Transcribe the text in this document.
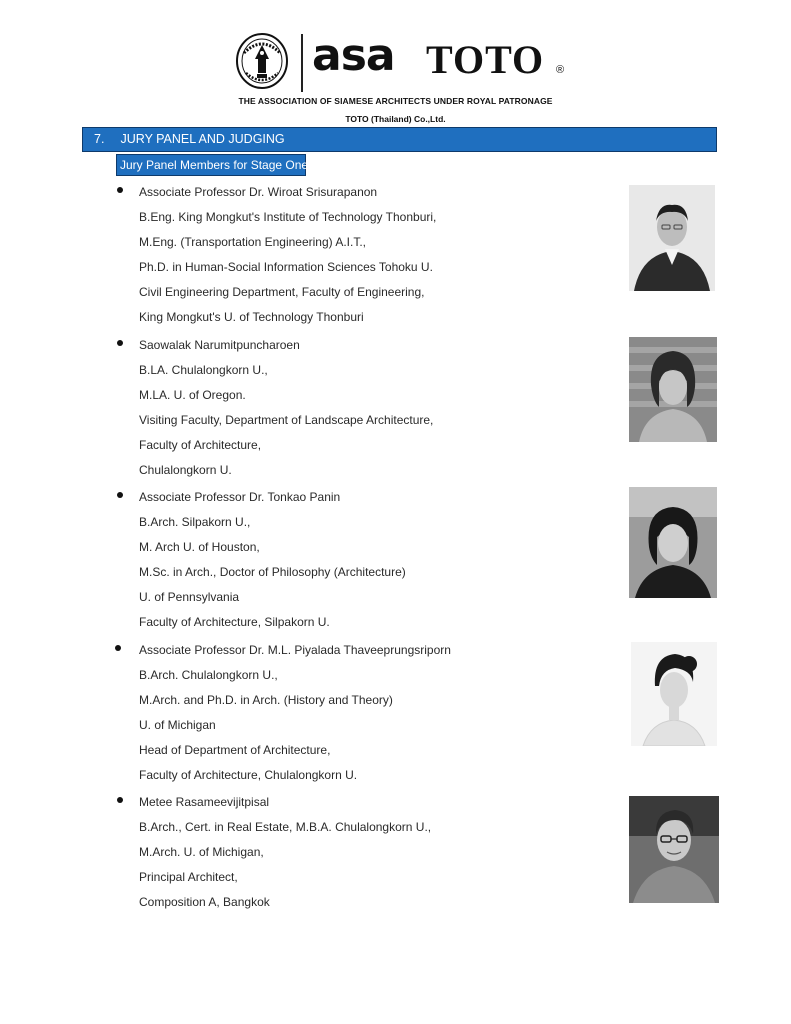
asa TOTO ®
THE ASSOCIATION OF SIAMESE ARCHITECTS UNDER ROYAL PATRONAGE
TOTO (Thailand) Co.,Ltd.
7. JURY PANEL AND JUDGING
Jury Panel Members for Stage One
Associate Professor Dr. Wiroat Srisurapanon
B.Eng. King Mongkut's Institute of Technology Thonburi,
M.Eng. (Transportation Engineering) A.I.T.,
Ph.D. in Human-Social Information Sciences Tohoku U.
Civil Engineering Department, Faculty of Engineering,
King Mongkut's U. of Technology Thonburi
Saowalak Narumitpuncharoen
B.LA. Chulalongkorn U.,
M.LA. U. of Oregon.
Visiting Faculty, Department of Landscape Architecture,
Faculty of Architecture,
Chulalongkorn U.
Associate Professor Dr. Tonkao Panin
B.Arch. Silpakorn U.,
M. Arch U. of Houston,
M.Sc. in Arch., Doctor of Philosophy (Architecture)
U. of Pennsylvania
Faculty of Architecture, Silpakorn U.
Associate Professor Dr. M.L. Piyalada Thaveeprungsriporn
B.Arch. Chulalongkorn U.,
M.Arch. and Ph.D. in Arch. (History and Theory)
U. of Michigan
Head of Department of Architecture,
Faculty of Architecture, Chulalongkorn U.
Metee Rasameevijitpisal
B.Arch., Cert. in Real Estate, M.B.A. Chulalongkorn U.,
M.Arch. U. of Michigan,
Principal Architect,
Composition A, Bangkok
